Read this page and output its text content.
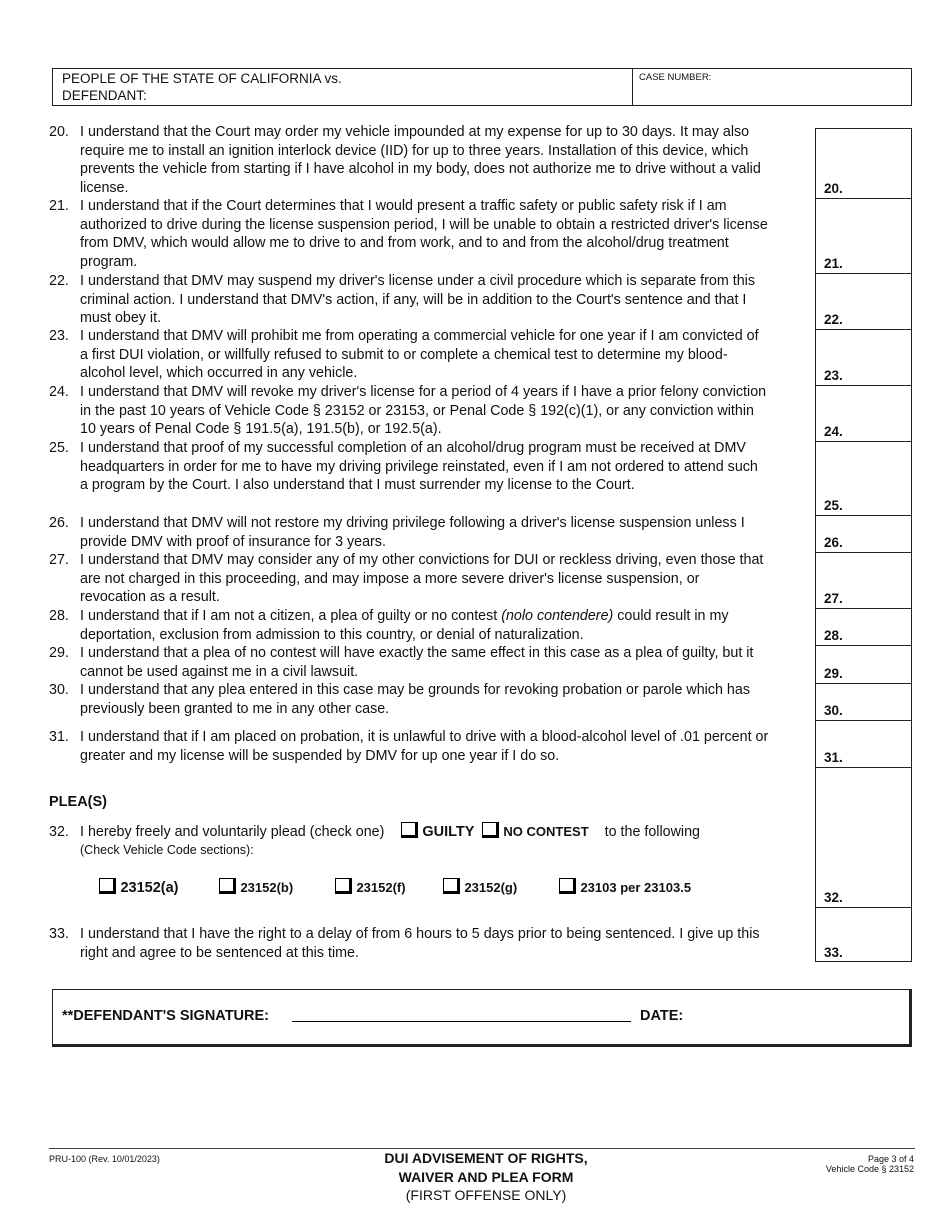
PEOPLE OF THE STATE OF CALIFORNIA vs.
DEFENDANT:
CASE NUMBER:
20. I understand that the Court may order my vehicle impounded at my expense for up to 30 days. It may also require me to install an ignition interlock device (IID) for up to three years. Installation of this device, which prevents the vehicle from starting if I have alcohol in my body, does not authorize me to drive without a valid license.
21. I understand that if the Court determines that I would present a traffic safety or public safety risk if I am authorized to drive during the license suspension period, I will be unable to obtain a restricted driver's license from DMV, which would allow me to drive to and from work, and to and from the alcohol/drug treatment program.
22. I understand that DMV may suspend my driver's license under a civil procedure which is separate from this criminal action. I understand that DMV's action, if any, will be in addition to the Court's sentence and that I must obey it.
23. I understand that DMV will prohibit me from operating a commercial vehicle for one year if I am convicted of a first DUI violation, or willfully refused to submit to or complete a chemical test to determine my blood-alcohol level, which occurred in any vehicle.
24. I understand that DMV will revoke my driver's license for a period of 4 years if I have a prior felony conviction in the past 10 years of Vehicle Code § 23152 or 23153, or Penal Code § 192(c)(1), or any conviction within 10 years of Penal Code § 191.5(a), 191.5(b), or 192.5(a).
25. I understand that proof of my successful completion of an alcohol/drug program must be received at DMV headquarters in order for me to have my driving privilege reinstated, even if I am not ordered to attend such a program by the Court. I also understand that I must surrender my license to the Court.
26. I understand that DMV will not restore my driving privilege following a driver's license suspension unless I provide DMV with proof of insurance for 3 years.
27. I understand that DMV may consider any of my other convictions for DUI or reckless driving, even those that are not charged in this proceeding, and may impose a more severe driver's license suspension, or revocation as a result.
28. I understand that if I am not a citizen, a plea of guilty or no contest (nolo contendere) could result in my deportation, exclusion from admission to this country, or denial of naturalization.
29. I understand that a plea of no contest will have exactly the same effect in this case as a plea of guilty, but it cannot be used against me in a civil lawsuit.
30. I understand that any plea entered in this case may be grounds for revoking probation or parole which has previously been granted to me in any other case.
31. I understand that if I am placed on probation, it is unlawful to drive with a blood-alcohol level of .01 percent or greater and my license will be suspended by DMV for up one year if I do so.
PLEA(S)
32. I hereby freely and voluntarily plead (check one)	GUILTY NO CONTEST to the following
(Check Vehicle Code sections):
23152(a)	23152(b)	23152(f)	23152(g)	23103 per 23103.5
33. I understand that I have the right to a delay of from 6 hours to 5 days prior to being sentenced. I give up this right and agree to be sentenced at this time.
20.
21.
22.
23.
24.
25.
26.
27.
28.
29.
30.
31.
32.
33.
**DEFENDANT'S SIGNATURE:	DATE:
PRU-100 (Rev. 10/01/2023)	DUI ADVISEMENT OF RIGHTS,
WAIVER AND PLEA FORM
(FIRST OFFENSE ONLY)
Page 3 of 4
Vehicle Code § 23152
